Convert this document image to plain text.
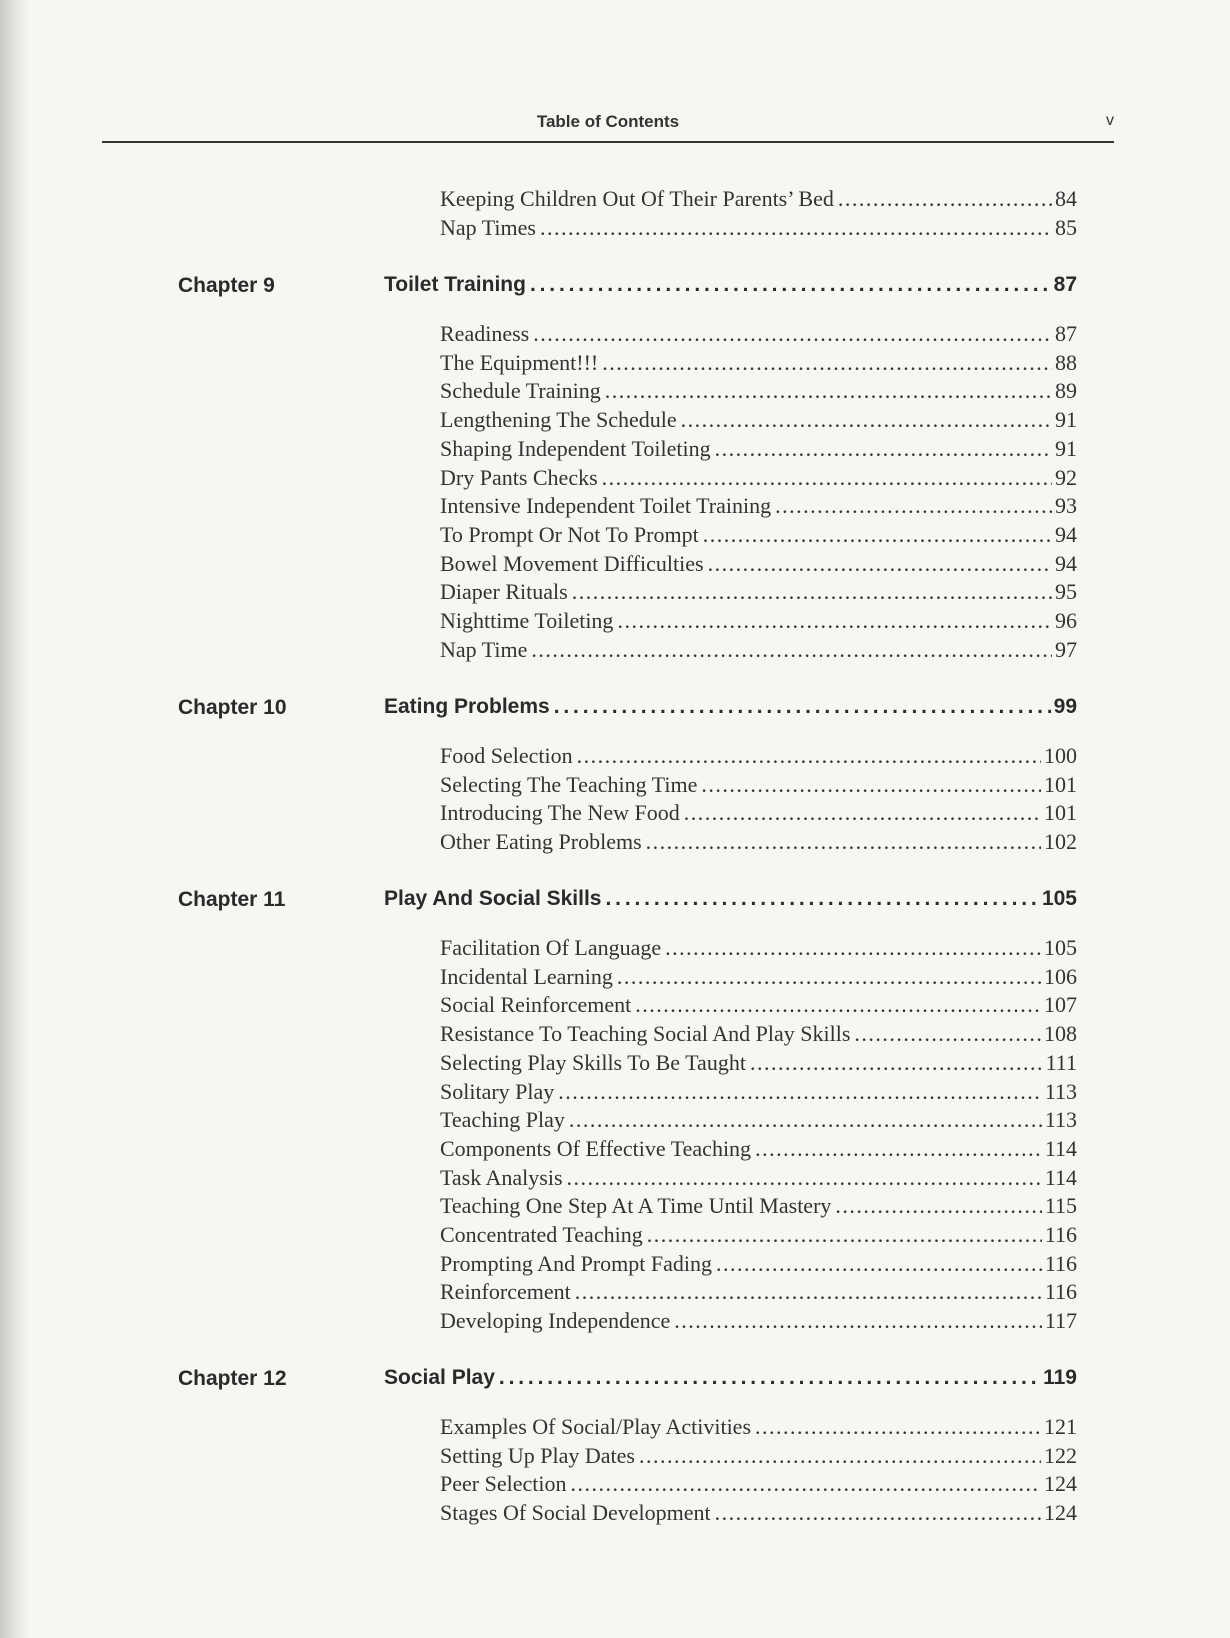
Table of Contents	v
Keeping Children Out Of Their Parents’ Bed . . .	84
Nap Times . . .	85
Chapter 9	Toilet Training . . .	87
Readiness . . .	87
The Equipment!!! . . .	88
Schedule Training . . .	89
Lengthening The Schedule . . .	91
Shaping Independent Toileting . . .	91
Dry Pants Checks . . .	92
Intensive Independent Toilet Training . . .	93
To Prompt Or Not To Prompt . . .	94
Bowel Movement Difficulties . . .	94
Diaper Rituals . . .	95
Nighttime Toileting . . .	96
Nap Time . . .	97
Chapter 10	Eating Problems . . .	99
Food Selection . . .	100
Selecting The Teaching Time . . .	101
Introducing The New Food . . .	101
Other Eating Problems . . .	102
Chapter 11	Play And Social Skills . . .	105
Facilitation Of Language . . .	105
Incidental Learning . . .	106
Social Reinforcement . . .	107
Resistance To Teaching Social And Play Skills . . .	108
Selecting Play Skills To Be Taught . . .	111
Solitary Play . . .	113
Teaching Play . . .	113
Components Of Effective Teaching . . .	114
Task Analysis . . .	114
Teaching One Step At A Time Until Mastery . . .	115
Concentrated Teaching . . .	116
Prompting And Prompt Fading . . .	116
Reinforcement . . .	116
Developing Independence . . .	117
Chapter 12	Social Play . . .	119
Examples Of Social/Play Activities . . .	121
Setting Up Play Dates . . .	122
Peer Selection . . .	124
Stages Of Social Development . . .	124
